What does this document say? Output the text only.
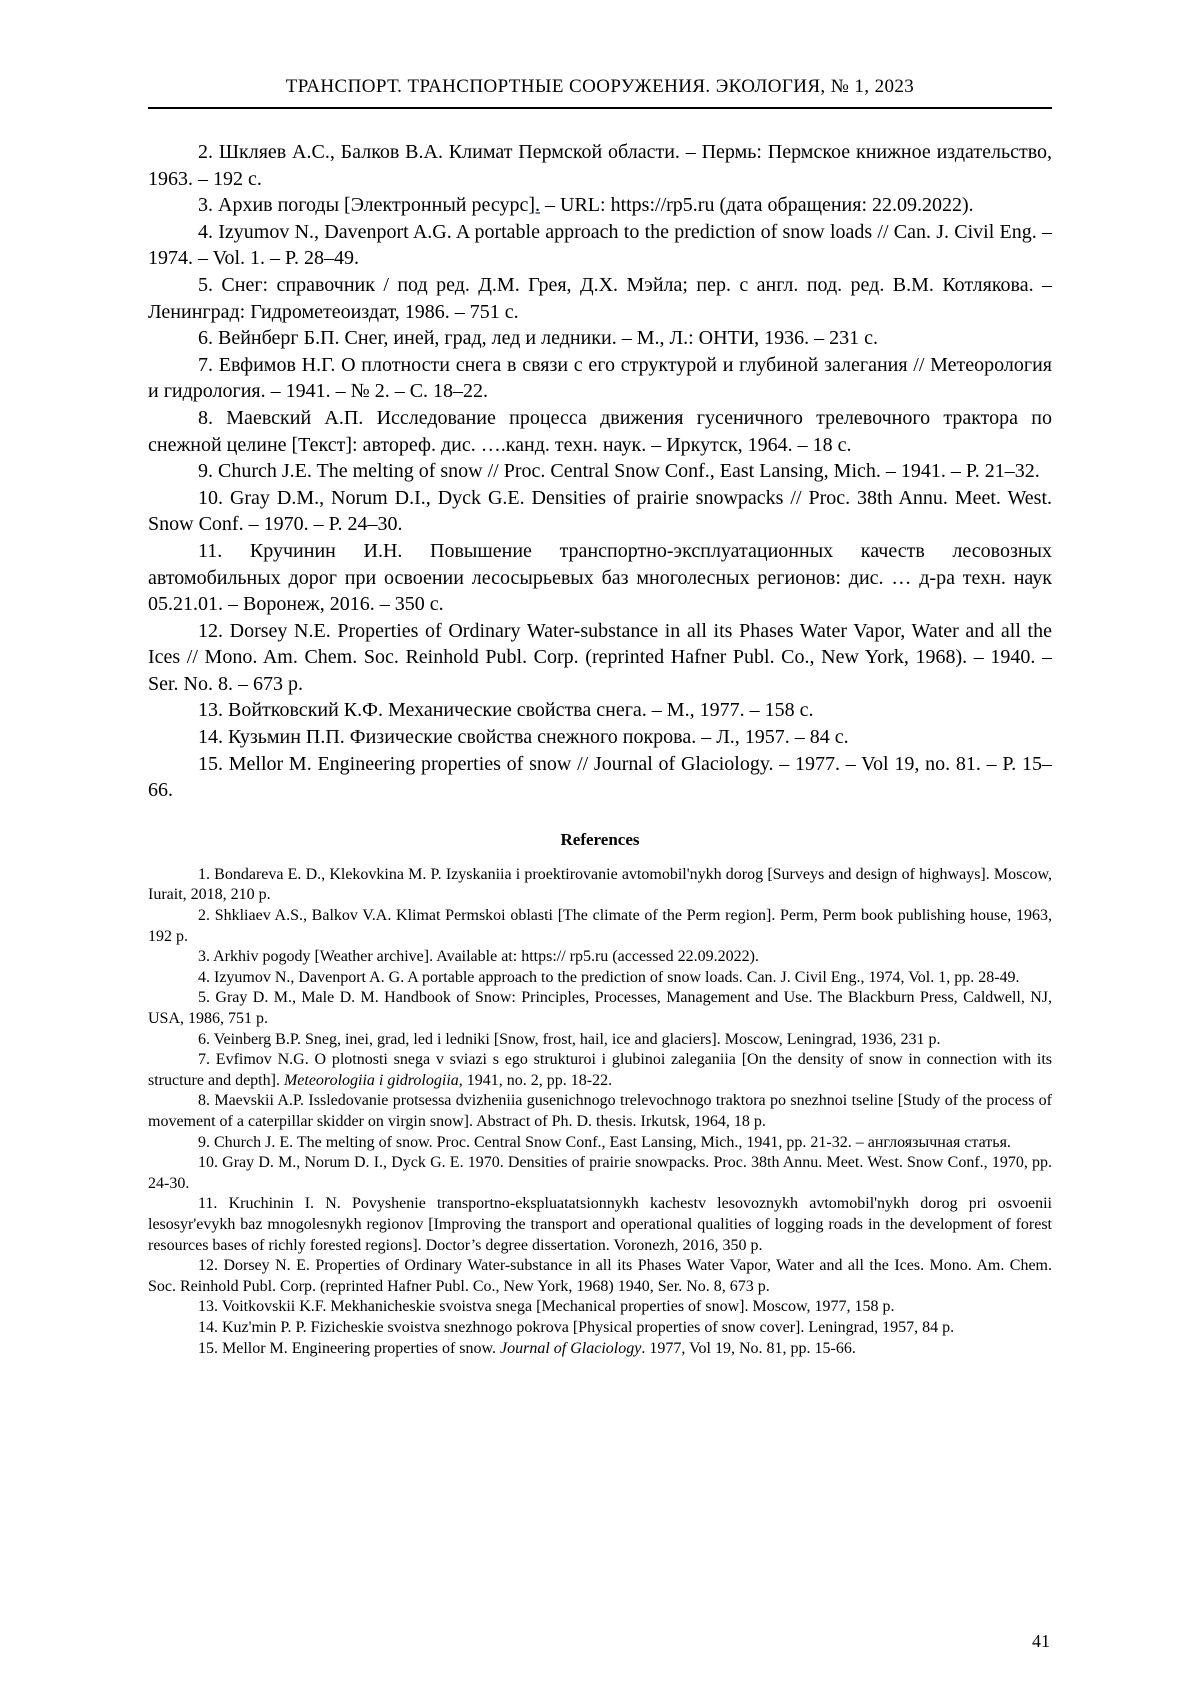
ТРАНСПОРТ. ТРАНСПОРТНЫЕ СООРУЖЕНИЯ. ЭКОЛОГИЯ, № 1, 2023

2. Шкляев А.С., Балков В.А. Климат Пермской области. – Пермь: Пермское книжное издательство, 1963. – 192 с.

3. Архив погоды [Электронный ресурс]. – URL: https://rp5.ru (дата обращения: 22.09.2022).

4. Izyumov N., Davenport A.G. A portable approach to the prediction of snow loads // Can. J. Civil Eng. – 1974. – Vol. 1. – P. 28–49.

5. Снег: справочник / под ред. Д.М. Грея, Д.Х. Мэйла; пер. с англ. под. ред. В.М. Котлякова. – Ленинград: Гидрометеоиздат, 1986. – 751 с.

6. Вейнберг Б.П. Снег, иней, град, лед и ледники. – М., Л.: ОНТИ, 1936. – 231 с.

7. Евфимов Н.Г. О плотности снега в связи с его структурой и глубиной залегания // Метеорология и гидрология. – 1941. – № 2. – С. 18–22.

8. Маевский А.П. Исследование процесса движения гусеничного трелевочного трактора по снежной целине [Текст]: автореф. дис. ….канд. техн. наук. – Иркутск, 1964. – 18 с.

9. Church J.E. The melting of snow // Proc. Central Snow Conf., East Lansing, Mich. – 1941. – P. 21–32.

10. Gray D.M., Norum D.I., Dyck G.E. Densities of prairie snowpacks // Proc. 38th Annu. Meet. West. Snow Conf. – 1970. – P. 24–30.

11. Кручинин И.Н. Повышение транспортно-эксплуатационных качеств лесовозных автомобильных дорог при освоении лесосырьевых баз многолесных регионов: дис. … д-ра техн. наук 05.21.01. – Воронеж, 2016. – 350 с.

12. Dorsey N.E. Properties of Ordinary Water-substance in all its Phases Water Vapor, Water and all the Ices // Mono. Am. Chem. Soc. Reinhold Publ. Corp. (reprinted Hafner Publ. Co., New York, 1968). – 1940. – Ser. No. 8. – 673 p.

13. Войтковский К.Ф. Механические свойства снега. – М., 1977. – 158 с.

14. Кузьмин П.П. Физические свойства снежного покрова. – Л., 1957. – 84 с.

15. Mellor M. Engineering properties of snow // Journal of Glaciology. – 1977. – Vol 19, no. 81. – P. 15–66.

References

1. Bondareva E. D., Klekovkina M. P. Izyskaniia i proektirovanie avtomobil'nykh dorog [Surveys and design of highways]. Moscow, Iurait, 2018, 210 p.

2. Shkliaev A.S., Balkov V.A. Klimat Permskoi oblasti [The climate of the Perm region]. Perm, Perm book publishing house, 1963, 192 p.

3. Arkhiv pogody [Weather archive]. Available at: https:// rp5.ru (accessed 22.09.2022).

4. Izyumov N., Davenport A. G. A portable approach to the prediction of snow loads. Can. J. Civil Eng., 1974, Vol. 1, pp. 28-49.

5. Gray D. M., Male D. M. Handbook of Snow: Principles, Processes, Management and Use. The Blackburn Press, Caldwell, NJ, USA, 1986, 751 p.

6. Veinberg B.P. Sneg, inei, grad, led i ledniki [Snow, frost, hail, ice and glaciers]. Moscow, Leningrad, 1936, 231 p.

7. Evfimov N.G. O plotnosti snega v sviazi s ego strukturoi i glubinoi zaleganiia [On the density of snow in connection with its structure and depth]. Meteorologiia i gidrologiia, 1941, no. 2, pp. 18-22.

8. Maevskii A.P. Issledovanie protsessa dvizheniia gusenichnogo trelevochnogo traktora po snezhnoi tseline [Study of the process of movement of a caterpillar skidder on virgin snow]. Abstract of Ph. D. thesis. Irkutsk, 1964, 18 p.

9. Church J. E. The melting of snow. Proc. Central Snow Conf., East Lansing, Mich., 1941, pp. 21-32. – англоязычная статья.

10. Gray D. M., Norum D. I., Dyck G. E. 1970. Densities of prairie snowpacks. Proc. 38th Annu. Meet. West. Snow Conf., 1970, pp. 24-30.

11. Kruchinin I. N. Povyshenie transportno-ekspluatatsionnykh kachestv lesovoznykh avtomobil'nykh dorog pri osvoenii lesosyr'evykh baz mnogolesnykh regionov [Improving the transport and operational qualities of logging roads in the development of forest resources bases of richly forested regions]. Doctor’s degree dissertation. Voronezh, 2016, 350 p.

12. Dorsey N. E. Properties of Ordinary Water-substance in all its Phases Water Vapor, Water and all the Ices. Mono. Am. Chem. Soc. Reinhold Publ. Corp. (reprinted Hafner Publ. Co., New York, 1968) 1940, Ser. No. 8, 673 p.

13. Voitkovskii K.F. Mekhanicheskie svoistva snega [Mechanical properties of snow]. Moscow, 1977, 158 p.

14. Kuz'min P. P. Fizicheskie svoistva snezhnogo pokrova [Physical properties of snow cover]. Leningrad, 1957, 84 p.

15. Mellor M. Engineering properties of snow. Journal of Glaciology. 1977, Vol 19, No. 81, pp. 15-66.

41
